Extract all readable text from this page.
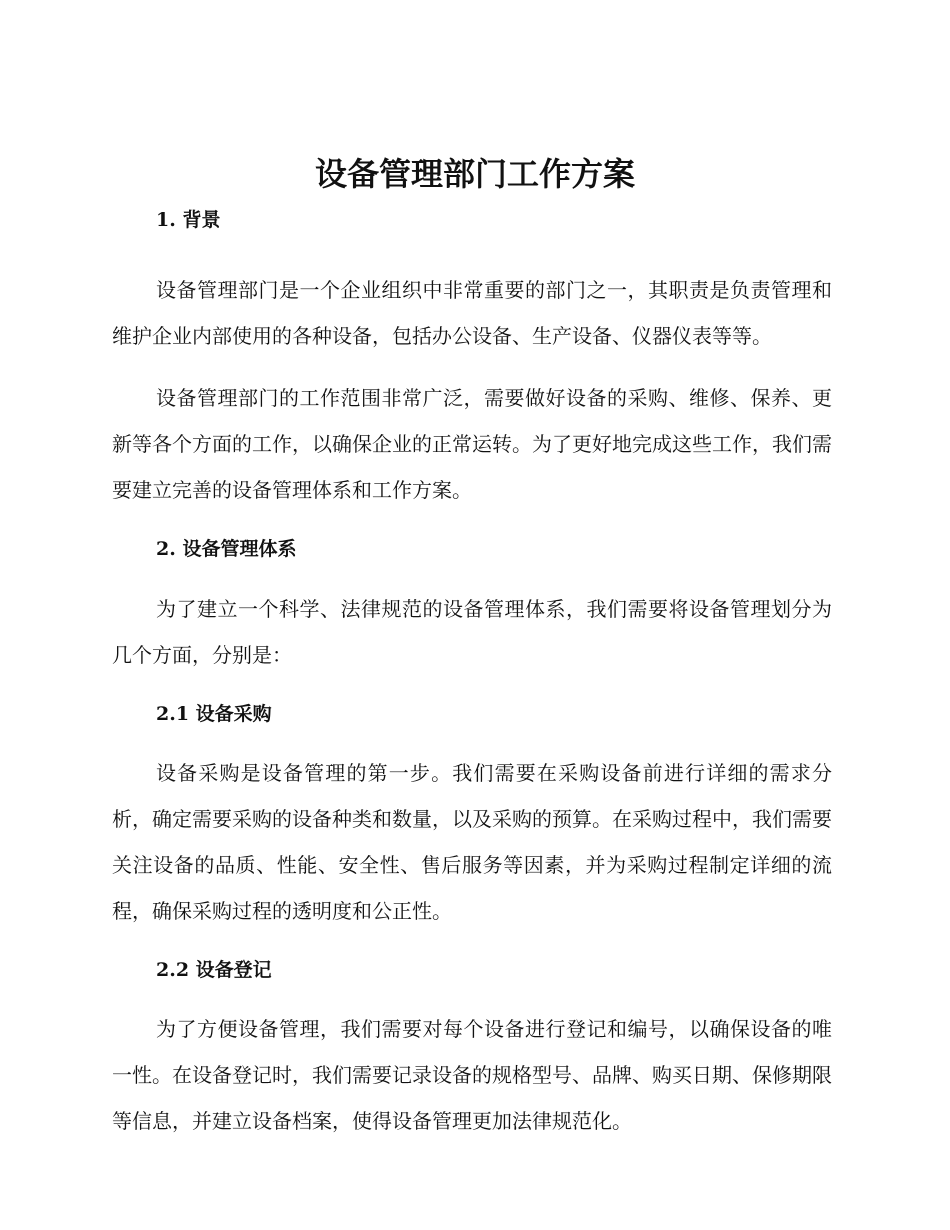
设备管理部门工作方案
1. 背景

设备管理部门是一个企业组织中非常重要的部门之一，其职责是负责管理和维护企业内部使用的各种设备，包括办公设备、生产设备、仪器仪表等等。

设备管理部门的工作范围非常广泛，需要做好设备的采购、维修、保养、更新等各个方面的工作，以确保企业的正常运转。为了更好地完成这些工作，我们需要建立完善的设备管理体系和工作方案。

2. 设备管理体系

为了建立一个科学、法律规范的设备管理体系，我们需要将设备管理划分为几个方面，分别是：

2.1 设备采购

设备采购是设备管理的第一步。我们需要在采购设备前进行详细的需求分析，确定需要采购的设备种类和数量，以及采购的预算。在采购过程中，我们需要关注设备的品质、性能、安全性、售后服务等因素，并为采购过程制定详细的流程，确保采购过程的透明度和公正性。

2.2 设备登记

为了方便设备管理，我们需要对每个设备进行登记和编号，以确保设备的唯一性。在设备登记时，我们需要记录设备的规格型号、品牌、购买日期、保修期限等信息，并建立设备档案，使得设备管理更加法律规范化。
